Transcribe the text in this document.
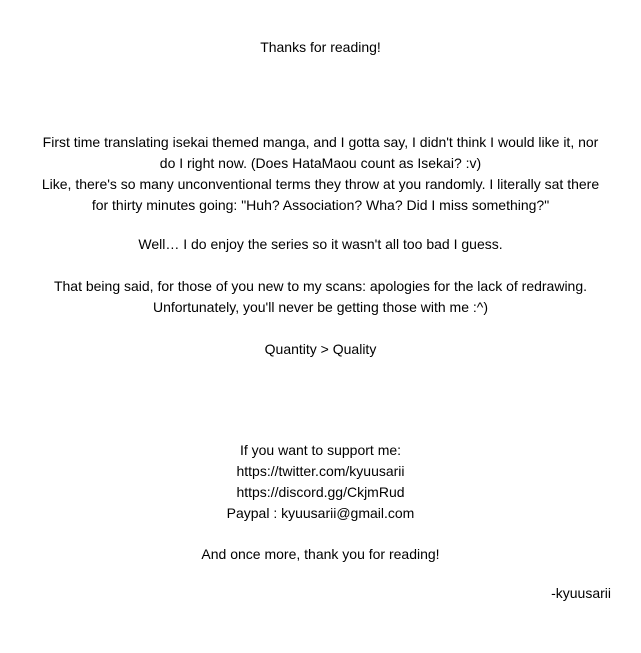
Thanks for reading!
First time translating isekai themed manga, and I gotta say, I didn't think I would like it, nor
do I right now. (Does HataMaou count as Isekai? :v)
Like, there's so many unconventional terms they throw at you randomly. I literally sat there
for thirty minutes going: "Huh? Association? Wha? Did I miss something?"
Well… I do enjoy the series so it wasn't all too bad I guess.
That being said, for those of you new to my scans: apologies for the lack of redrawing.
Unfortunately, you'll never be getting those with me :^)
Quantity > Quality
If you want to support me:
https://twitter.com/kyuusarii
https://discord.gg/CkjmRud
Paypal : kyuusarii@gmail.com
And once more, thank you for reading!
-kyuusarii
